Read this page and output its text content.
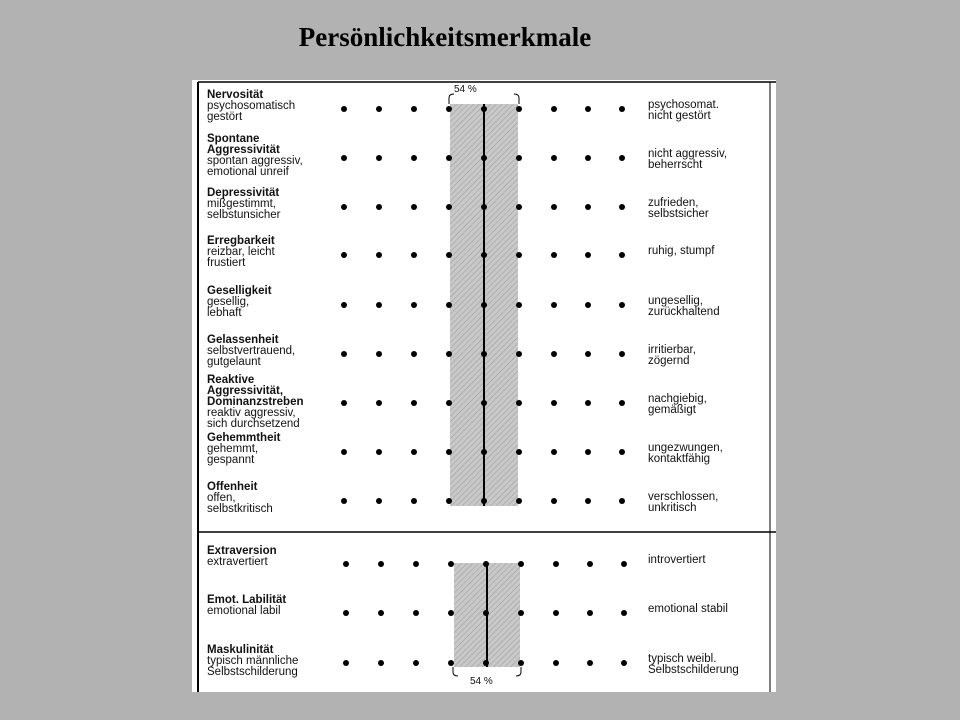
Persönlichkeitsmerkmale
54 %
54 %
Nervosität
psychosomatisch
gestört
psychosomat.
nicht gestört
Spontane
Aggressivität
spontan aggressiv,
emotional unreif
nicht aggressiv,
beherrscht
Depressivität
mißgestimmt,
selbstunsicher
zufrieden,
selbstsicher
Erregbarkeit
reizbar, leicht
frustiert
ruhig, stumpf
Geselligkeit
gesellig,
lebhaft
ungesellig,
zurückhaltend
Gelassenheit
selbstvertrauend,
gutgelaunt
irritierbar,
zögernd
Reaktive
Aggressivität,
Dominanzstreben
reaktiv aggressiv,
sich durchsetzend
nachgiebig,
gemäßigt
Gehemmtheit
gehemmt,
gespannt
ungezwungen,
kontaktfähig
Offenheit
offen,
selbstkritisch
verschlossen,
unkritisch
Extraversion
extravertiert	introvertiert
Emot. Labilität
emotional labil	emotional stabil
Maskulinität
typisch männliche
Selbstschilderung
typisch weibl.
Selbstschilderung
